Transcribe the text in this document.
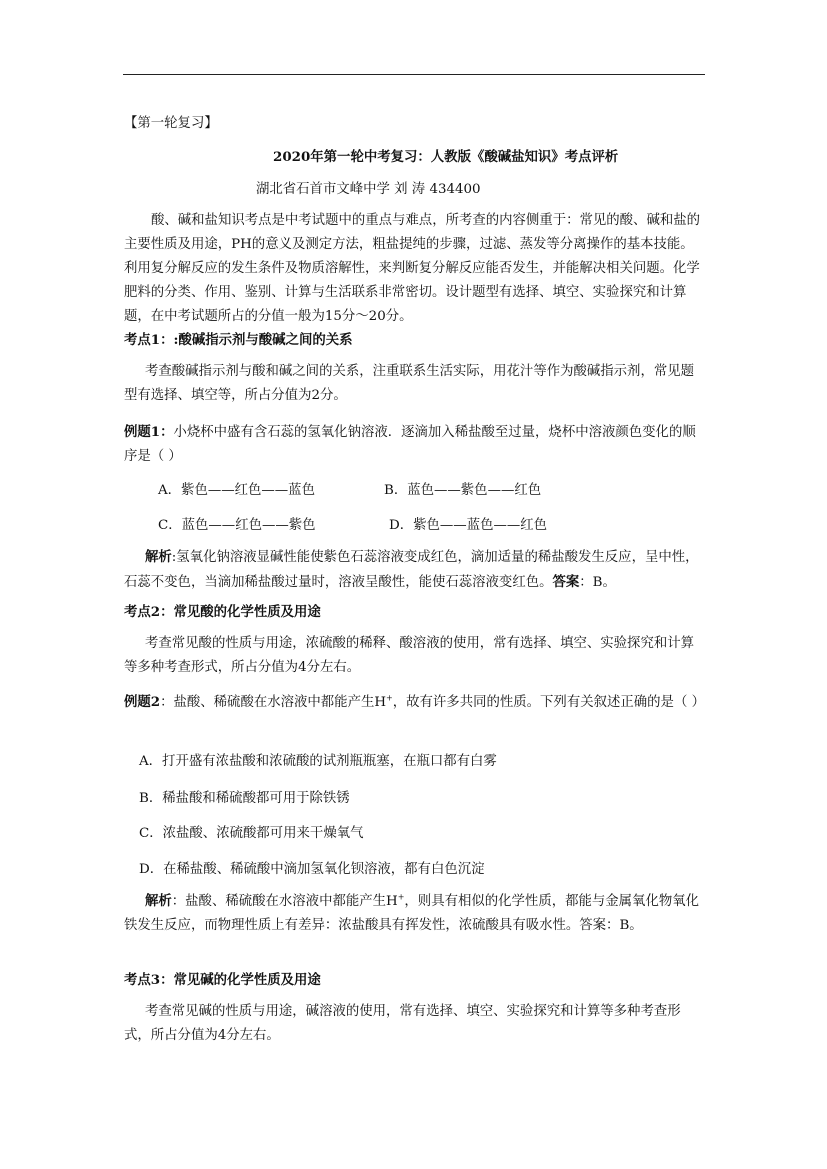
【第一轮复习】

2020年第一轮中考复习：人教版《酸碱盐知识》考点评析

湖北省石首市文峰中学 刘 涛 434400

酸、碱和盐知识考点是中考试题中的重点与难点，所考查的内容侧重于：常见的酸、碱和盐的主要性质及用途，PH的意义及测定方法，粗盐提纯的步骤，过滤、蒸发等分离操作的基本技能。利用复分解反应的发生条件及物质溶解性，来判断复分解反应能否发生，并能解决相关问题。化学肥料的分类、作用、鉴别、计算与生活联系非常密切。设计题型有选择、填空、实验探究和计算题，在中考试题所占的分值一般为15分～20分。

考点1：:酸碱指示剂与酸碱之间的关系

考查酸碱指示剂与酸和碱之间的关系，注重联系生活实际，用花汁等作为酸碱指示剂，常见题型有选择、填空等，所占分值为2分。

例题1：小烧杯中盛有含石蕊的氢氧化钠溶液．逐滴加入稀盐酸至过量，烧杯中溶液颜色变化的顺序是（ ）

A．紫色——红色——蓝色	B．蓝色——紫色——红色
C．蓝色——红色——紫色	D．紫色——蓝色——红色

解析:氢氧化钠溶液显碱性能使紫色石蕊溶液变成红色，滴加适量的稀盐酸发生反应，呈中性，石蕊不变色，当滴加稀盐酸过量时，溶液呈酸性，能使石蕊溶液变红色。答案：B。

考点2：常见酸的化学性质及用途

考查常见酸的性质与用途，浓硫酸的稀释、酸溶液的使用，常有选择、填空、实验探究和计算等多种考查形式，所占分值为4分左右。

例题2：盐酸、稀硫酸在水溶液中都能产生H+，故有许多共同的性质。下列有关叙述正确的是（ ）

A．打开盛有浓盐酸和浓硫酸的试剂瓶瓶塞，在瓶口都有白雾
B．稀盐酸和稀硫酸都可用于除铁锈
C．浓盐酸、浓硫酸都可用来干燥氧气
D．在稀盐酸、稀硫酸中滴加氢氧化钡溶液，都有白色沉淀

解析：盐酸、稀硫酸在水溶液中都能产生H+，则具有相似的化学性质，都能与金属氧化物氧化铁发生反应，而物理性质上有差异：浓盐酸具有挥发性，浓硫酸具有吸水性。答案：B。

考点3：常见碱的化学性质及用途

考查常见碱的性质与用途，碱溶液的使用，常有选择、填空、实验探究和计算等多种考查形式，所占分值为4分左右。
